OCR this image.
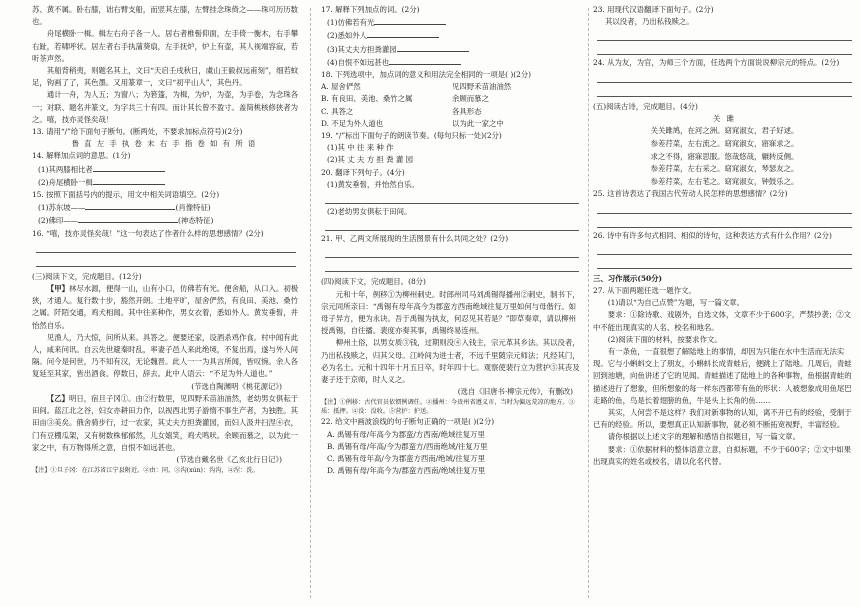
苏、黄不属。卧右膝，诎右臂支船，而竖其左膝，左臂挂念珠倚之——珠可历历数也。

舟尾横卧一楫。楫左右舟子各一人。居右者椎髻仰面，左手倚一衡木，右手攀右趾，若啸呼状。居左者右手执蒲葵扇，左手抚炉，炉上有壶，其人视端容寂，若听茶声然。

其船背稍夷，则题名其上，文曰“天启壬戌秋日，虞山王毅叔远甫刻”，细若蚊足，钩画了了，其色墨。又用篆章一，文曰“初平山人”，其色丹。

通计一舟，为人五；为窗八；为箬篷，为楫，为炉，为壶，为手卷，为念珠各一；对联、题名并篆文，为字共三十有四。而计其长曾不盈寸。盖简桃核修狭者为之。嘻，技亦灵怪矣哉！

13. 请用“/”给下面句子断句。(断两处，不要求加标点符号)(2分)

鲁直左手执卷末右手指卷如有所语

14. 解释加点词的意思。(1分)

(1)其两膝相比者

(2)舟尾横卧一楫

15. 按照下面括号内的提示，用文中相关词语填空。(2分)

(1)苏东坡——	(肖像特征)

(2)佛印——	(神态特征)

16. “嘻，技亦灵怪矣哉！”这一句表达了作者什么样的思想感情？(2分)

(三)阅读下文，完成题目。(12分)

【甲】林尽水源，便得一山，山有小口，仿佛若有光。便舍船，从口入。初极狭，才通人。复行数十步，豁然开朗。土地平旷，屋舍俨然，有良田、美池、桑竹之属。阡陌交通，鸡犬相闻。其中往来种作，男女衣着，悉如外人。黄发垂髫，并怡然自乐。

见渔人，乃大惊，问所从来。具答之。便要还家，设酒杀鸡作食。村中闻有此人，咸来问讯。自云先世避秦时乱，率妻子邑人来此绝境，不复出焉，遂与外人间隔。问今是何世，乃不知有汉，无论魏晋。此人一一为具言所闻，皆叹惋。余人各复延至其家，皆出酒食。停数日，辞去。此中人语云：“不足为外人道也。”

(节选自陶渊明《桃花源记》)

【乙】明日，宿旦子冈①。由②行数里，见四野禾苗油油然，老幼男女俱耘于田间。蓝江北之谷，妇女亦耕田力作，以视西北男子游惰不事生产者，为独胜。其田亩③美矣。俄舍骑步行，过一农家，其丈夫方担粪灌园，而妇人汲井扫涅④衣，门有豆棚瓜架，又有树数株郁郁然，儿女嬉笑，鸡犬鸣吠。余顾而慕之，以为此一家之中，有万物得所之意，自恨不如远甚也。

(节选自戴名世《乙亥北行日记》)

【注】①旦子冈：在江苏省江宁县附近。②由：同，③沟(xún)：沟沟，④涅：洗。

17. 解释下列加点的词。(2分)

(1)仿佛若有光

(2)悉如外人

(3)其丈夫方担粪灌园

(4)自恨不如远甚也

18. 下列选项中，加点词的意义和用法完全相同的一项是( )(2分)

A. 屋舍俨然	见四野禾苗油油然
B. 有良田、美池、桑竹之属	余顾而慕之
C. 具答之	各具形态
D. 不足为外人道也	以为此一家之中

19. “/”标出下面句子的朗读节奏。(每句只标一处)(2分)

(1)其 中 往 来 种 作

(2)其 丈 夫 方 担 粪 灌 园

20. 翻译下列句子。(4分)

(1)黄发垂髫，并怡然自乐。

(2)老幼男女俱耘于田间。

21. 甲、乙两文所展现的生活图景有什么共同之处？(2分)

(四)阅读下文，完成题目。(8分)

元和十年，例移①为柳州刺史。时郎州司马刘禹锡得播州②刺史，制书下，宗元同所亲曰：“禹锡有母年高今为郡蛮方西南绝域往复万里如何与母偕行。如母子异方，便为永诀。吾于禹锡为执友，何忍见其若是？”即草奏章，请以柳州授禹锡，自往播。裴度亦奏其事，禹锡终易连州。

柳州土俗，以男女质③钱，过期则没④入钱主，宗元革其乡法。其以没者，乃出私钱赎之，归其父母。江岭间为进士者，不远千里随宗元师法；凡经其门，必为名士。元和十四年十月五日卒，时年四十七。观察使裴行立为营护⑤其丧及妻子还于京师，时人义之。

(选自《旧唐书·柳宗元传》，有删改)

【注】①例移：古代官员依惯例调任。②播州：今贵州省遵义市，当时为偏远荒凉的地方。③质：抵押。④没：没收。⑤营护：护送。

22. 给文中画波浪线的句子断句正确的一项是( )(2分)

A. 禹锡有母/年高今为郡蛮/方西南/绝域往复万里

B. 禹锡有母/年高/今为郡蛮方/西南绝域/往复万里

C. 禹锡有母年高/今为郡蛮方西南/绝域/往复万里

D. 禹锡有母/年高今为/郡蛮方西南/绝域往复万里

23. 用现代汉语翻译下面句子。(2分)

其以没者，乃出私钱赎之。

24. 从为友，为官，为师三个方面，任选两个方面说说柳宗元的特点。(2分)

(五)阅读古诗，完成题目。(4分)

关 雎

关关雎鸠，在河之洲。窈窕淑女，君子好逑。

参差荇菜，左右流之。窈窕淑女，寤寐求之。

求之不得，寤寐思服。悠哉悠哉，辗转反侧。

参差荇菜，左右采之。窈窕淑女，琴瑟友之。

参差荇菜，左右芼之。窈窕淑女，钟鼓乐之。

25. 这首诗表达了我国古代劳动人民怎样的思想感情？(2分)

26. 诗中有许多句式相同、相似的诗句，这种表达方式有什么作用？(2分)

三、习作展示(50分)

27. 从下面两题任选一题作文。

(1)请以“为自己点赞”为题，写一篇文章。

要求：①除诗歌、戏剧外，自选文体，文章不少于600字，严禁抄袭；②文中不能出现真实的人名、校名和地名。

(2)阅读下面的材料，按要求作文。

有一条鱼，一直很想了解陆地上的事情，却因为只能在水中生活而无法实现。它与小蝌蚪交上了朋友，小蝌蚪长成青蛙后，便跳上了陆地。几周后，青蛙回到池塘，向鱼讲述了它的见闻。青蛙描述了陆地上的各种事物，鱼根据青蛙的描述进行了想象，但所想象的每一样东西都带有鱼的形状：人被想象成用鱼尾巴走路的鱼，鸟是长着翅膀的鱼，牛是头上长角的鱼……

其实，人何尝不是这样？我们对新事物的认知，离不开已有的经验，受制于已有的经验。所以，要想真正认知新事物，就必须不断拓宽视野，丰富经验。

请你根据以上述文字的理解和感悟自拟题目，写一篇文章。

要求：①依据材料的整体语意立意，自拟标题，不少于600字；②文中如果出现真实的姓名或校名，请以化名代替。
